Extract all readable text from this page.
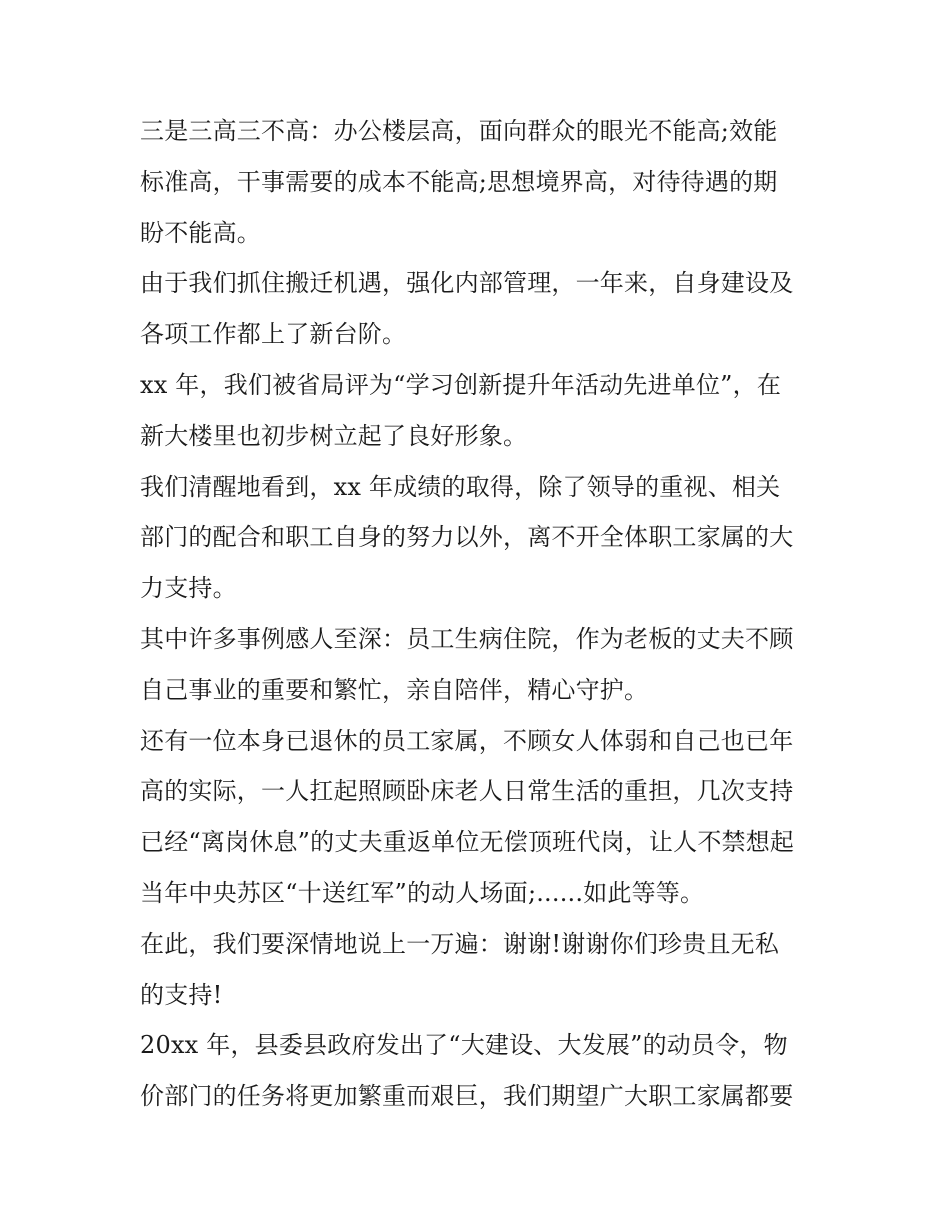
三是三高三不高：办公楼层高，面向群众的眼光不能高;效能
标准高，干事需要的成本不能高;思想境界高，对待待遇的期
盼不能高。
由于我们抓住搬迁机遇，强化内部管理，一年来，自身建设及
各项工作都上了新台阶。
xx 年，我们被省局评为“学习创新提升年活动先进单位”，在
新大楼里也初步树立起了良好形象。
我们清醒地看到，xx 年成绩的取得，除了领导的重视、相关
部门的配合和职工自身的努力以外，离不开全体职工家属的大
力支持。
其中许多事例感人至深：员工生病住院，作为老板的丈夫不顾
自己事业的重要和繁忙，亲自陪伴，精心守护。
还有一位本身已退休的员工家属，不顾女人体弱和自己也已年
高的实际，一人扛起照顾卧床老人日常生活的重担，几次支持
已经“离岗休息”的丈夫重返单位无偿顶班代岗，让人不禁想起
当年中央苏区“十送红军”的动人场面;......如此等等。
在此，我们要深情地说上一万遍：谢谢!谢谢你们珍贵且无私
的支持!
20xx 年，县委县政府发出了“大建设、大发展”的动员令，物
价部门的任务将更加繁重而艰巨，我们期望广大职工家属都要
